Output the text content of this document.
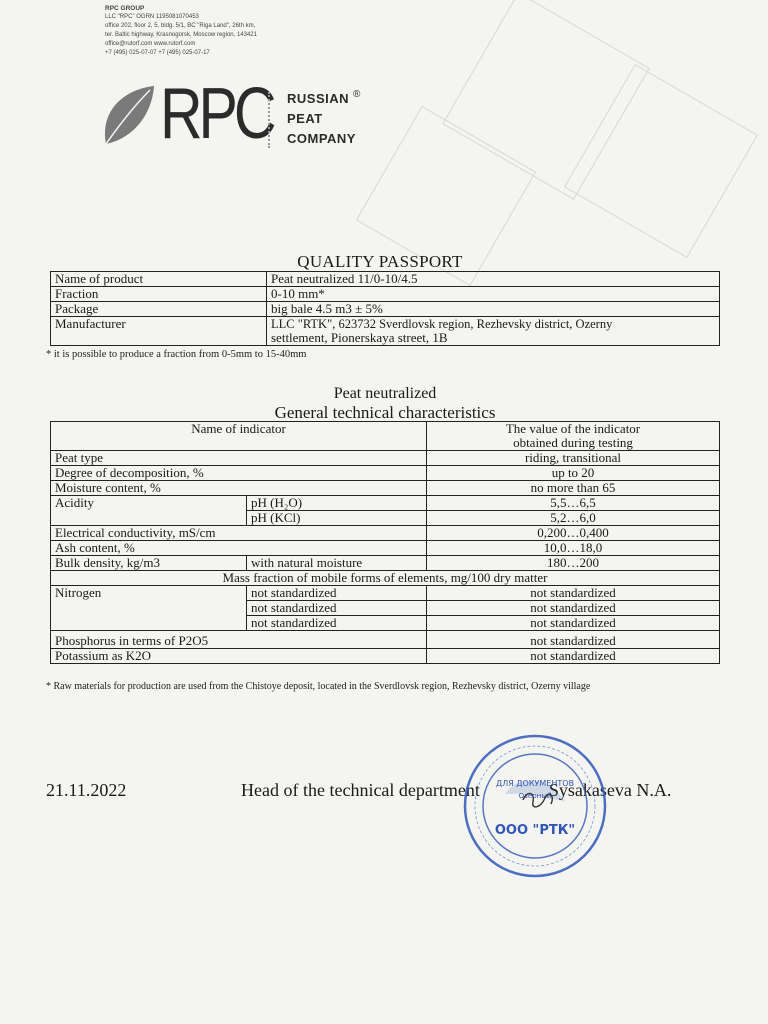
RPC GROUP
LLC "RPC" OGRN 1195081070453
office 202, floor 2, 5, bldg. 5/1, BC "Riga Land", 26th km,
ter. Baltic highway, Krasnogorsk, Moscow region, 143421
office@rutorf.com www.rutorf.com
+7 (495) 025-07-07 +7 (495) 025-07-17
RPC RUSSIAN
PEAT
COMPANY
®
QUALITY PASSPORT
Name of product	Peat neutralized 11/0-10/4.5
Fraction	0-10 mm*
Package	big bale 4.5 m3 ± 5%
Manufacturer	LLC "RTK", 623732 Sverdlovsk region, Rezhevsky district, Ozerny
settlement, Pionerskaya street, 1B
* it is possible to produce a fraction from 0-5mm to 15-40mm
Peat neutralized
General technical characteristics
Name of indicator		The value of the indicator
obtained during testing

Peat type		riding, transitional
Degree of decomposition, %		up to 20
Moisture content, %		no more than 65
Acidity	pH (H₂O)	5,5…6,5
	pH (KCl)	5,2…6,0
Electrical conductivity, mS/cm		0,200…0,400
Ash content, %		10,0…18,0
Bulk density, kg/m3	with natural moisture	180…200
Mass fraction of mobile forms of elements, mg/100 dry matter		
Nitrogen	not standardized	not standardized
	not standardized	not standardized
	not standardized	not standardized
Phosphorus in terms of P2O5		not standardized
Potassium as K2O		not standardized
* Raw materials for production are used from the Chistoye deposit, located in the Sverdlovsk region, Rezhevsky district, Ozerny village
21.11.2022	Head of the technical department	Sysakaseva N.A.
ДЛЯ ДОКУМЕНТОВ
Озерный
ООО "РТК"
